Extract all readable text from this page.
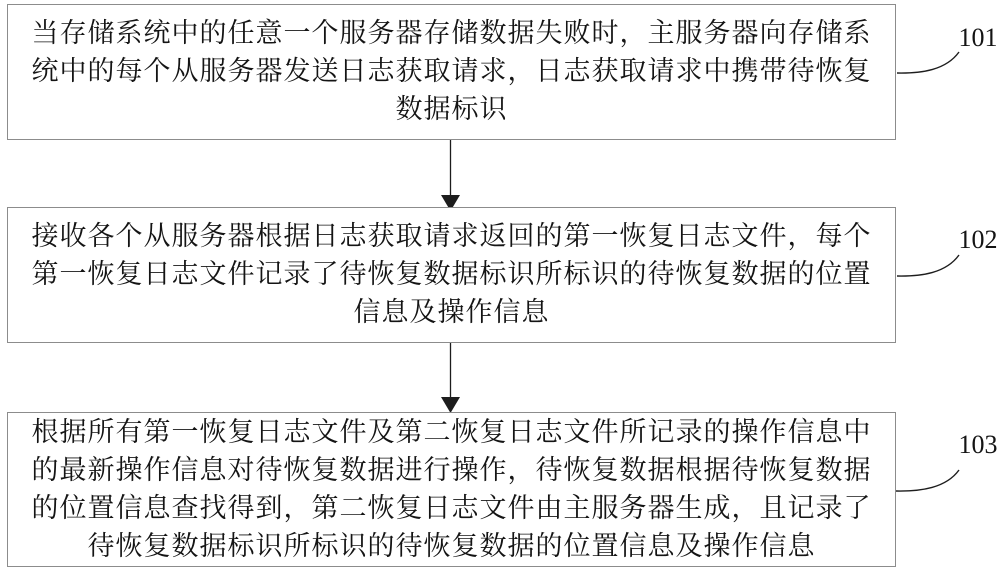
当存储系统中的任意一个服务器存储数据失败时，主服务器向存储系
统中的每个从服务器发送日志获取请求，日志获取请求中携带待恢复
数据标识
101
接收各个从服务器根据日志获取请求返回的第一恢复日志文件，每个
第一恢复日志文件记录了待恢复数据标识所标识的待恢复数据的位置
信息及操作信息
102
根据所有第一恢复日志文件及第二恢复日志文件所记录的操作信息中
的最新操作信息对待恢复数据进行操作，待恢复数据根据待恢复数据
的位置信息查找得到，第二恢复日志文件由主服务器生成，且记录了
待恢复数据标识所标识的待恢复数据的位置信息及操作信息
103
